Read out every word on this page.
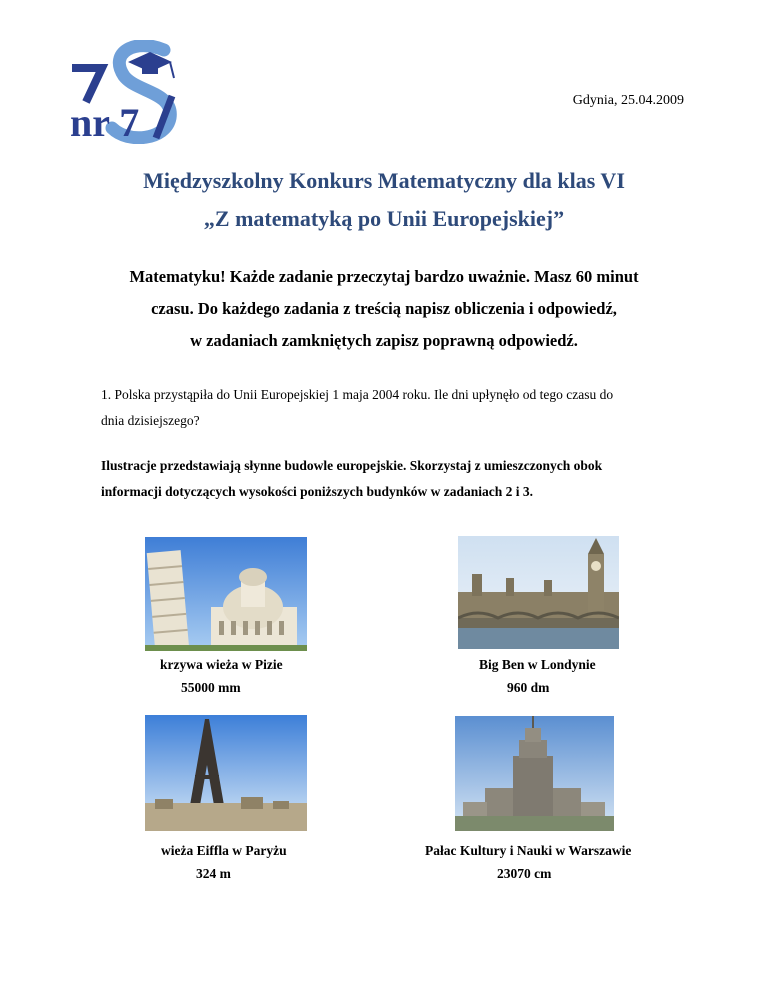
nr 7	Gdynia, 25.04.2009
Międzyszkolny Konkurs Matematyczny dla klas VI
„Z matematyką po Unii Europejskiej”
Matematyku! Każde zadanie przeczytaj bardzo uważnie. Masz 60 minut
czasu. Do każdego zadania z treścią napisz obliczenia i odpowiedź,
w zadaniach zamkniętych zapisz poprawną odpowiedź.
1. Polska przystąpiła do Unii Europejskiej 1 maja 2004 roku. Ile dni upłynęło od tego czasu do
dnia dzisiejszego?
Ilustracje przedstawiają słynne budowle europejskie. Skorzystaj z umieszczonych obok
informacji dotyczących wysokości poniższych budynków w zadaniach 2 i 3.
krzywa wieża w Pizie
55000 mm
Big Ben w Londynie
960 dm
wieża Eiffla w Paryżu
324 m
Pałac Kultury i Nauki w Warszawie
23070 cm
